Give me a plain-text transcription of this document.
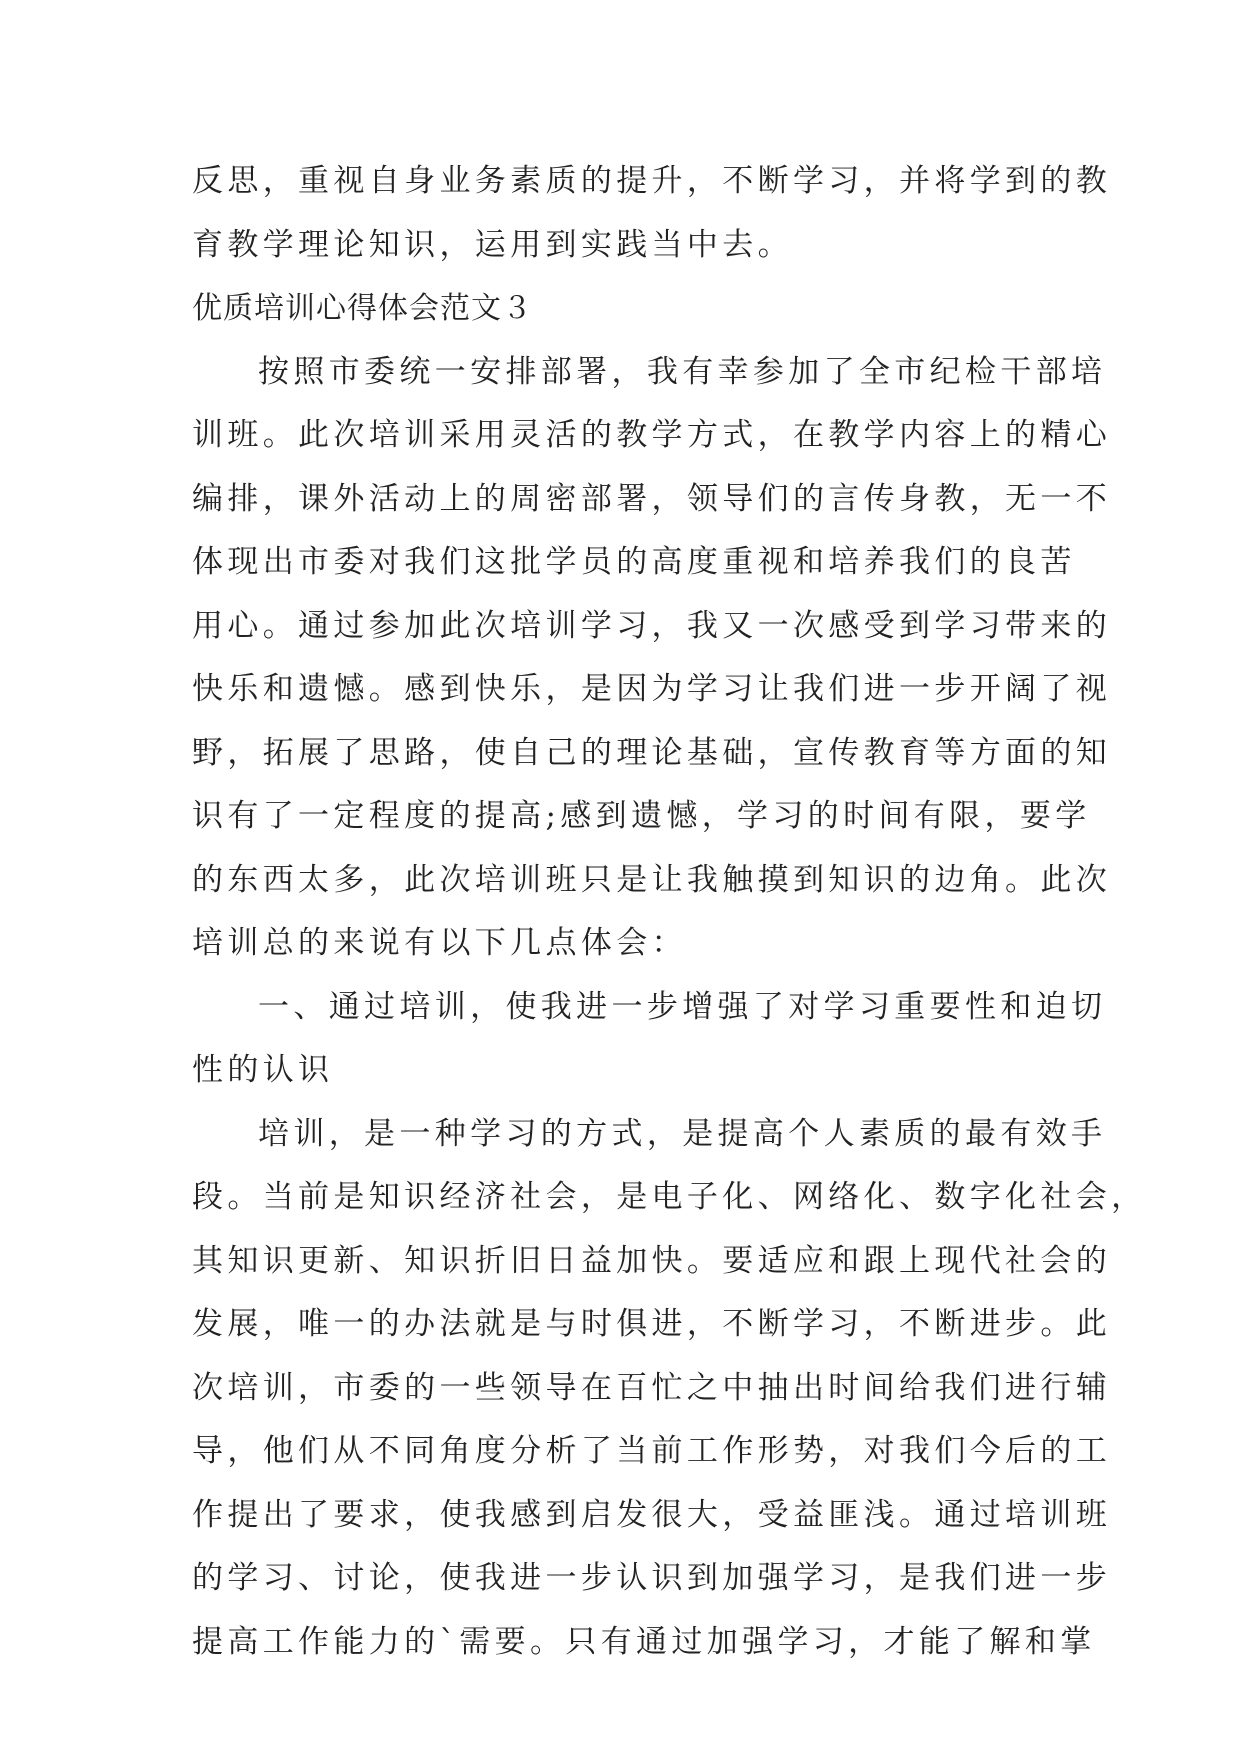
反思，重视自身业务素质的提升，不断学习，并将学到的教
育教学理论知识，运用到实践当中去。
优质培训心得体会范文３
按照市委统一安排部署，我有幸参加了全市纪检干部培
训班。此次培训采用灵活的教学方式，在教学内容上的精心
编排，课外活动上的周密部署，领导们的言传身教，无一不
体现出市委对我们这批学员的高度重视和培养我们的良苦
用心。通过参加此次培训学习，我又一次感受到学习带来的
快乐和遗憾。感到快乐，是因为学习让我们进一步开阔了视
野，拓展了思路，使自己的理论基础，宣传教育等方面的知
识有了一定程度的提高;感到遗憾，学习的时间有限，要学
的东西太多，此次培训班只是让我触摸到知识的边角。此次
培训总的来说有以下几点体会：
一、通过培训，使我进一步增强了对学习重要性和迫切
性的认识
培训，是一种学习的方式，是提高个人素质的最有效手
段。当前是知识经济社会，是电子化、网络化、数字化社会，
其知识更新、知识折旧日益加快。要适应和跟上现代社会的
发展，唯一的办法就是与时俱进，不断学习，不断进步。此
次培训，市委的一些领导在百忙之中抽出时间给我们进行辅
导，他们从不同角度分析了当前工作形势，对我们今后的工
作提出了要求，使我感到启发很大，受益匪浅。通过培训班
的学习、讨论，使我进一步认识到加强学习，是我们进一步
提高工作能力的`需要。只有通过加强学习，才能了解和掌
